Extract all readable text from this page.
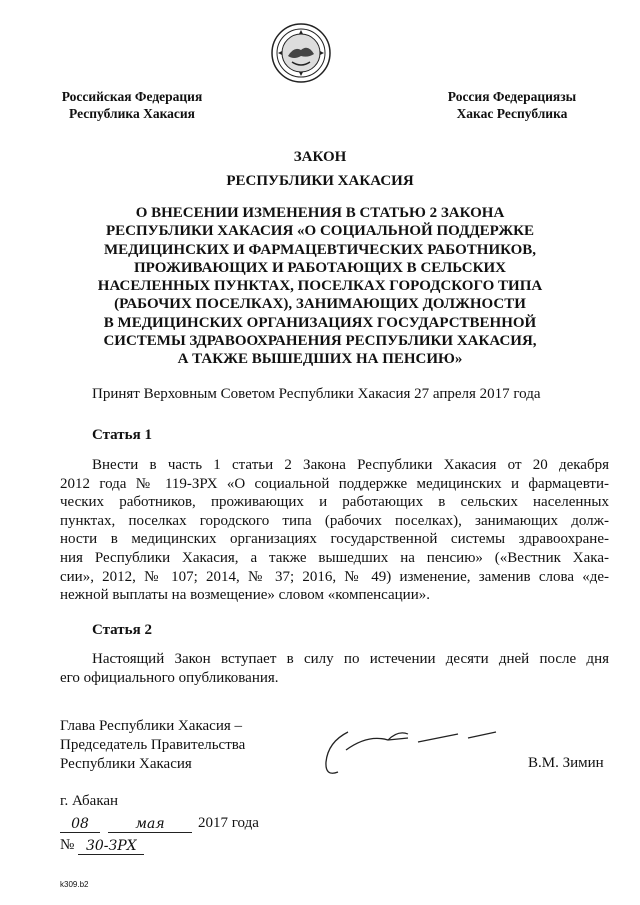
Российская Федерация
Республика Хакасия
Россия Федерациязы
Хакас Республика
ЗАКОН
РЕСПУБЛИКИ ХАКАСИЯ
О ВНЕСЕНИИ ИЗМЕНЕНИЯ В СТАТЬЮ 2 ЗАКОНА
РЕСПУБЛИКИ ХАКАСИЯ «О СОЦИАЛЬНОЙ ПОДДЕРЖКЕ
МЕДИЦИНСКИХ И ФАРМАЦЕВТИЧЕСКИХ РАБОТНИКОВ,
ПРОЖИВАЮЩИХ И РАБОТАЮЩИХ В СЕЛЬСКИХ
НАСЕЛЕННЫХ ПУНКТАХ, ПОСЕЛКАХ ГОРОДСКОГО ТИПА
(РАБОЧИХ ПОСЕЛКАХ), ЗАНИМАЮЩИХ ДОЛЖНОСТИ
В МЕДИЦИНСКИХ ОРГАНИЗАЦИЯХ ГОСУДАРСТВЕННОЙ
СИСТЕМЫ ЗДРАВООХРАНЕНИЯ РЕСПУБЛИКИ ХАКАСИЯ,
А ТАКЖЕ ВЫШЕДШИХ НА ПЕНСИЮ»
Принят Верховным Советом Республики Хакасия 27 апреля 2017 года
Статья 1
Внести в часть 1 статьи 2 Закона Республики Хакасия от 20 декабря
2012 года № 119-ЗРХ «О социальной поддержке медицинских и фармацевти-
ческих работников, проживающих и работающих в сельских населенных
пунктах, поселках городского типа (рабочих поселках), занимающих долж-
ности в медицинских организациях государственной системы здравоохране-
ния Республики Хакасия, а также вышедших на пенсию» («Вестник Хака-
сии», 2012, № 107; 2014, № 37; 2016, № 49) изменение, заменив слова «де-
нежной выплаты на возмещение» словом «компенсации».
Статья 2
Настоящий Закон вступает в силу по истечении десяти дней после дня
его официального опубликования.
Глава Республики Хакасия –
Председатель Правительства
Республики Хакасия	В.М. Зимин
г. Абакан
08	мая	2017 года
№ 30-ЗРХ
k309.b2
